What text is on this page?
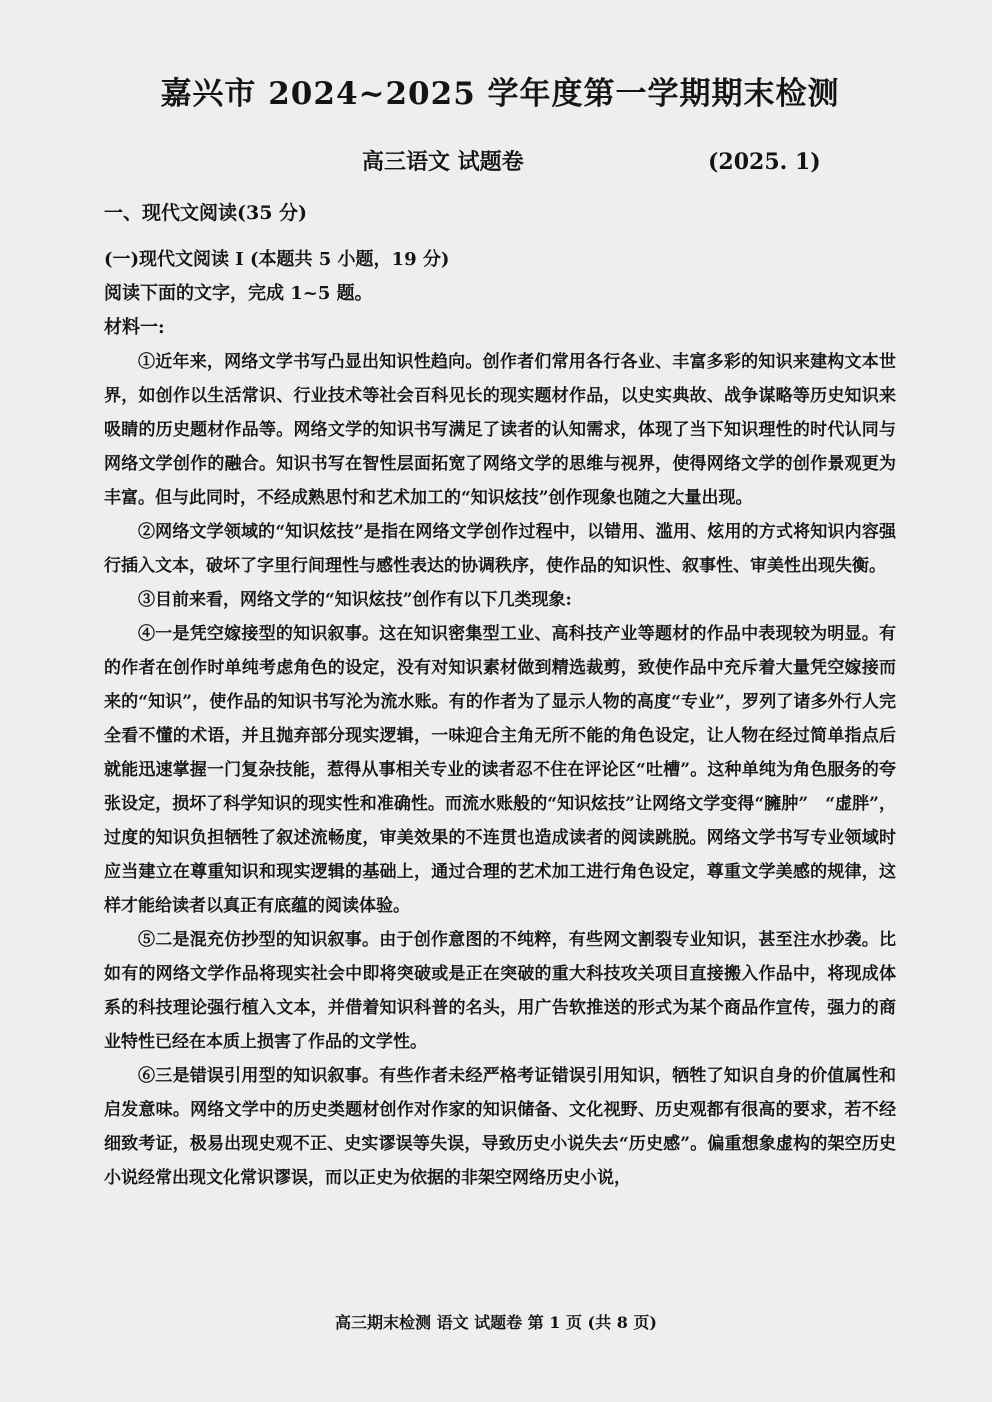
嘉兴市 2024~2025 学年度第一学期期末检测
高三语文 试题卷	(2025. 1)
一、现代文阅读(35 分)
(一)现代文阅读 I (本题共 5 小题，19 分)
阅读下面的文字，完成 1~5 题。
材料一:

①近年来，网络文学书写凸显出知识性趋向。创作者们常用各行各业、丰富多彩的知识来建构文本世界，如创作以生活常识、行业技术等社会百科见长的现实题材作品，以史实典故、战争谋略等历史知识来吸睛的历史题材作品等。网络文学的知识书写满足了读者的认知需求，体现了当下知识理性的时代认同与网络文学创作的融合。知识书写在智性层面拓宽了网络文学的思维与视界，使得网络文学的创作景观更为丰富。但与此同时，不经成熟思忖和艺术加工的“知识炫技”创作现象也随之大量出现。

②网络文学领域的“知识炫技”是指在网络文学创作过程中，以错用、滥用、炫用的方式将知识内容强行插入文本，破坏了字里行间理性与感性表达的协调秩序，使作品的知识性、叙事性、审美性出现失衡。

③目前来看，网络文学的“知识炫技”创作有以下几类现象:

④一是凭空嫁接型的知识叙事。这在知识密集型工业、高科技产业等题材的作品中表现较为明显。有的作者在创作时单纯考虑角色的设定，没有对知识素材做到精选裁剪，致使作品中充斥着大量凭空嫁接而来的“知识”，使作品的知识书写沦为流水账。有的作者为了显示人物的高度“专业”，罗列了诸多外行人完全看不懂的术语，并且抛弃部分现实逻辑，一味迎合主角无所不能的角色设定，让人物在经过简单指点后就能迅速掌握一门复杂技能，惹得从事相关专业的读者忍不住在评论区“吐槽”。这种单纯为角色服务的夸张设定，损坏了科学知识的现实性和准确性。而流水账般的“知识炫技”让网络文学变得“臃肿”　“虚胖”，过度的知识负担牺牲了叙述流畅度，审美效果的不连贯也造成读者的阅读跳脱。网络文学书写专业领域时应当建立在尊重知识和现实逻辑的基础上，通过合理的艺术加工进行角色设定，尊重文学美感的规律，这样才能给读者以真正有底蕴的阅读体验。

⑤二是混充仿抄型的知识叙事。由于创作意图的不纯粹，有些网文割裂专业知识，甚至注水抄袭。比如有的网络文学作品将现实社会中即将突破或是正在突破的重大科技攻关项目直接搬入作品中，将现成体系的科技理论强行植入文本，并借着知识科普的名头，用广告软推送的形式为某个商品作宣传，强力的商业特性已经在本质上损害了作品的文学性。

⑥三是错误引用型的知识叙事。有些作者未经严格考证错误引用知识，牺牲了知识自身的价值属性和启发意味。网络文学中的历史类题材创作对作家的知识储备、文化视野、历史观都有很高的要求，若不经细致考证，极易出现史观不正、史实谬误等失误，导致历史小说失去“历史感”。偏重想象虚构的架空历史小说经常出现文化常识谬误，而以正史为依据的非架空网络历史小说，

高三期末检测 语文 试题卷 第 1 页 (共 8 页)
